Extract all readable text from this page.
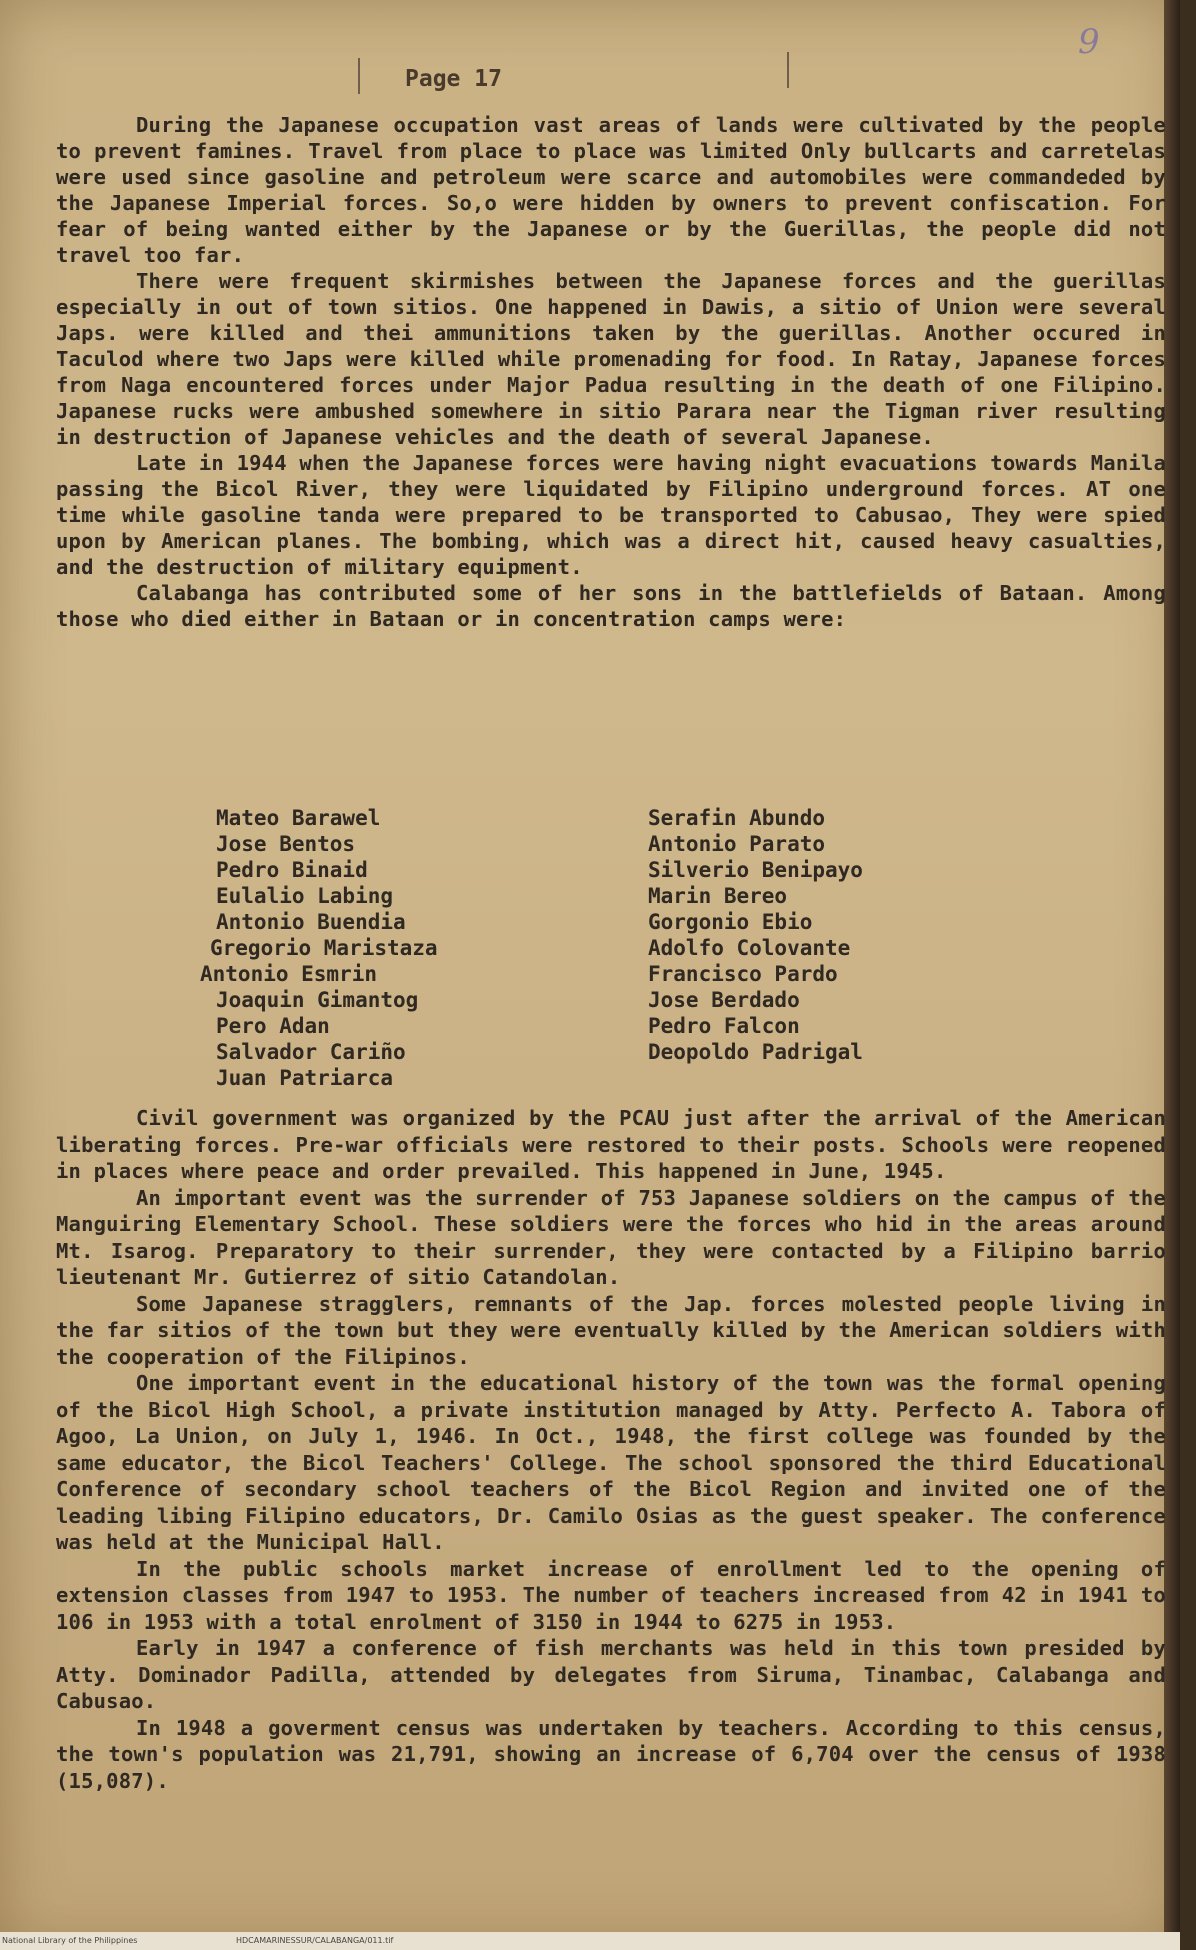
9
Page 17

During the Japanese occupation vast areas of lands were cultivated by the people to prevent famines. Travel from place to place was limited Only bullcarts and carretelas were used since gasoline and petroleum were scarce and automobiles were commandeded by the Japanese Imperial forces. So,o were hidden by owners to prevent confiscation. For fear of being wanted either by the Japanese or by the Guerillas, the people did not travel too far.

There were frequent skirmishes between the Japanese forces and the guerillas especially in out of town sitios. One happened in Dawis, a sitio of Union were several Japs. were killed and thei ammunitions taken by the guerillas. Another occured in Taculod where two Japs were killed while promenading for food. In Ratay, Japanese forces from Naga encountered forces under Major Padua resulting in the death of one Filipino. Japanese rucks were ambushed somewhere in sitio Parara near the Tigman river resulting in destruction of Japanese vehicles and the death of several Japanese.

Late in 1944 when the Japanese forces were having night evacuations towards Manila passing the Bicol River, they were liquidated by Filipino underground forces. AT one time while gasoline tanda were prepared to be transported to Cabusao, They were spied upon by American planes. The bombing, which was a direct hit, caused heavy casualties, and the destruction of military equipment.

Calabanga has contributed some of her sons in the battlefields of Bataan. Among those who died either in Bataan or in concentration camps were:

Mateo Barawel
Jose Bentos
Pedro Binaid
Eulalio Labing
Antonio Buendia
Gregorio Maristaza
Antonio Esmrin
Joaquin Gimantog
Pero Adan
Salvador Cariño
Juan Patriarca
Serafin Abundo
Antonio Parato
Silverio Benipayo
Marin Bereo
Gorgonio Ebio
Adolfo Colovante
Francisco Pardo
Jose Berdado
Pedro Falcon
Deopoldo Padrigal

Civil government was organized by the PCAU just after the arrival of the American liberating forces. Pre-war officials were restored to their posts. Schools were reopened in places where peace and order prevailed. This happened in June, 1945.

An important event was the surrender of 753 Japanese soldiers on the campus of the Manguiring Elementary School. These soldiers were the forces who hid in the areas around Mt. Isarog. Preparatory to their surrender, they were contacted by a Filipino barrio lieutenant Mr. Gutierrez of sitio Catandolan.

Some Japanese stragglers, remnants of the Jap. forces molested people living in the far sitios of the town but they were eventually killed by the American soldiers with the cooperation of the Filipinos.

One important event in the educational history of the town was the formal opening of the Bicol High School, a private institution managed by Atty. Perfecto A. Tabora of Agoo, La Union, on July 1, 1946. In Oct., 1948, the first college was founded by the same educator, the Bicol Teachers' College. The school sponsored the third Educational Conference of secondary school teachers of the Bicol Region and invited one of the leading libing Filipino educators, Dr. Camilo Osias as the guest speaker. The conference was held at the Municipal Hall.

In the public schools market increase of enrollment led to the opening of extension classes from 1947 to 1953. The number of teachers increased from 42 in 1941 to 106 in 1953 with a total enrolment of 3150 in 1944 to 6275 in 1953.

Early in 1947 a conference of fish merchants was held in this town presided by Atty. Dominador Padilla, attended by delegates from Siruma, Tinambac, Calabanga and Cabusao.

In 1948 a goverment census was undertaken by teachers. According to this census, the town's population was 21,791, showing an increase of 6,704 over the census of 1938 (15,087).

National Library of the Philippines	HDCAMARINESSUR/CALABANGA/011.tif
